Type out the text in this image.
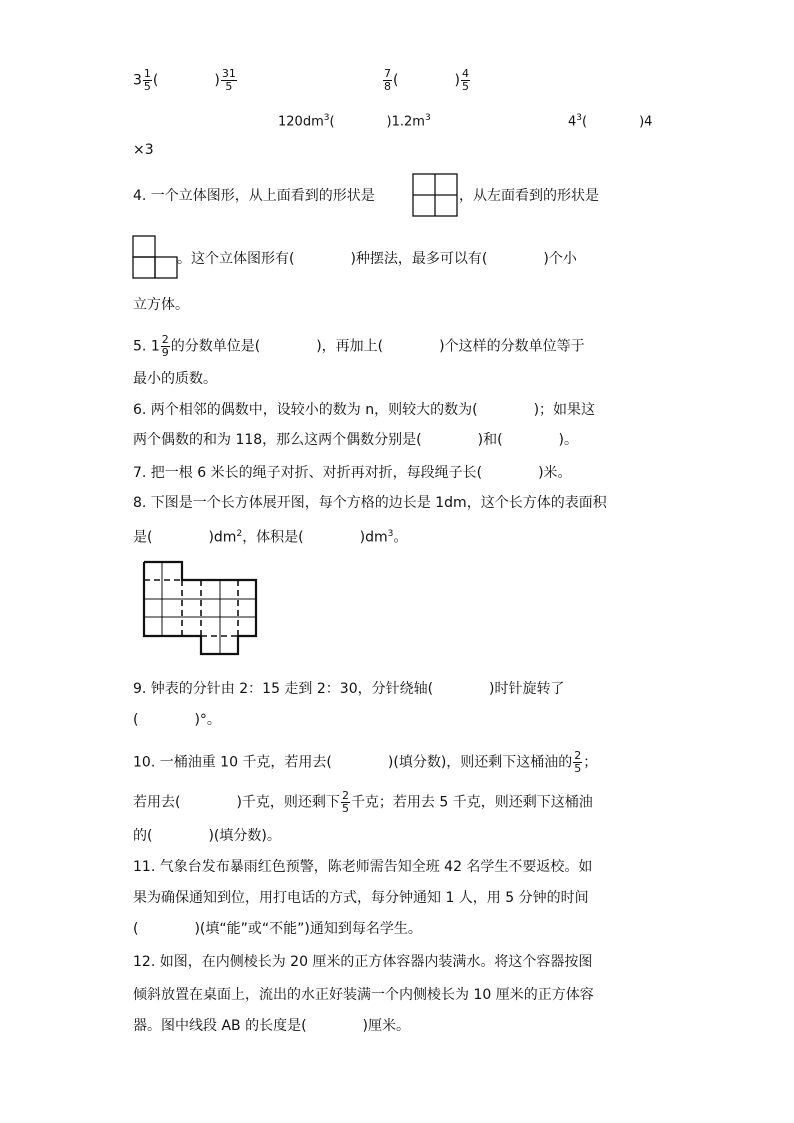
$3 \frac{1}{5}$ (　　　　) $\frac{31}{5}$	$\frac{7}{8}$ (　　　　) $\frac{4}{5}$
$120dm^3$(　　　　)$1.2m^3$	$4^3$(　　　　)4
×3
4. 一个立体图形，从上面看到的形状是	，从左面看到的形状是
。这个立体图形有(　　　　)种摆法，最多可以有(　　　　)个小
立方体。
5. $1 \frac{2}{9}$ 的分数单位是(　　　　)，再加上(　　　　)个这样的分数单位等于
最小的质数。
6. 两个相邻的偶数中，设较小的数为 n，则较大的数为(　　　　)；如果这
两个偶数的和为 118，那么这两个偶数分别是(　　　　)和(　　　　)。
7. 把一根 6 米长的绳子对折、对折再对折，每段绳子长(　　　　)米。
8. 下图是一个长方体展开图，每个方格的边长是 1dm，这个长方体的表面积
是(　　　　)$dm^2$，体积是(　　　　)$dm^3$。
9. 钟表的分针由 2：15 走到 2：30，分针绕轴(　　　　)时针旋转了
(　　　　)°。
10. 一桶油重 10 千克，若用去(　　　　)(填分数)，则还剩下这桶油的 $\frac{2}{5}$ ；
若用去(　　　　)千克，则还剩下 $\frac{2}{5}$ 千克；若用去 5 千克，则还剩下这桶油
的(　　　　)(填分数)。
11. 气象台发布暴雨红色预警，陈老师需告知全班 42 名学生不要返校。如
果为确保通知到位，用打电话的方式，每分钟通知 1 人，用 5 分钟的时间
(　　　　)(填“能”或“不能”)通知到每名学生。
12. 如图，在内侧棱长为 20 厘米的正方体容器内装满水。将这个容器按图
倾斜放置在桌面上，流出的水正好装满一个内侧棱长为 10 厘米的正方体容
器。图中线段 AB 的长度是(　　　　)厘米。
